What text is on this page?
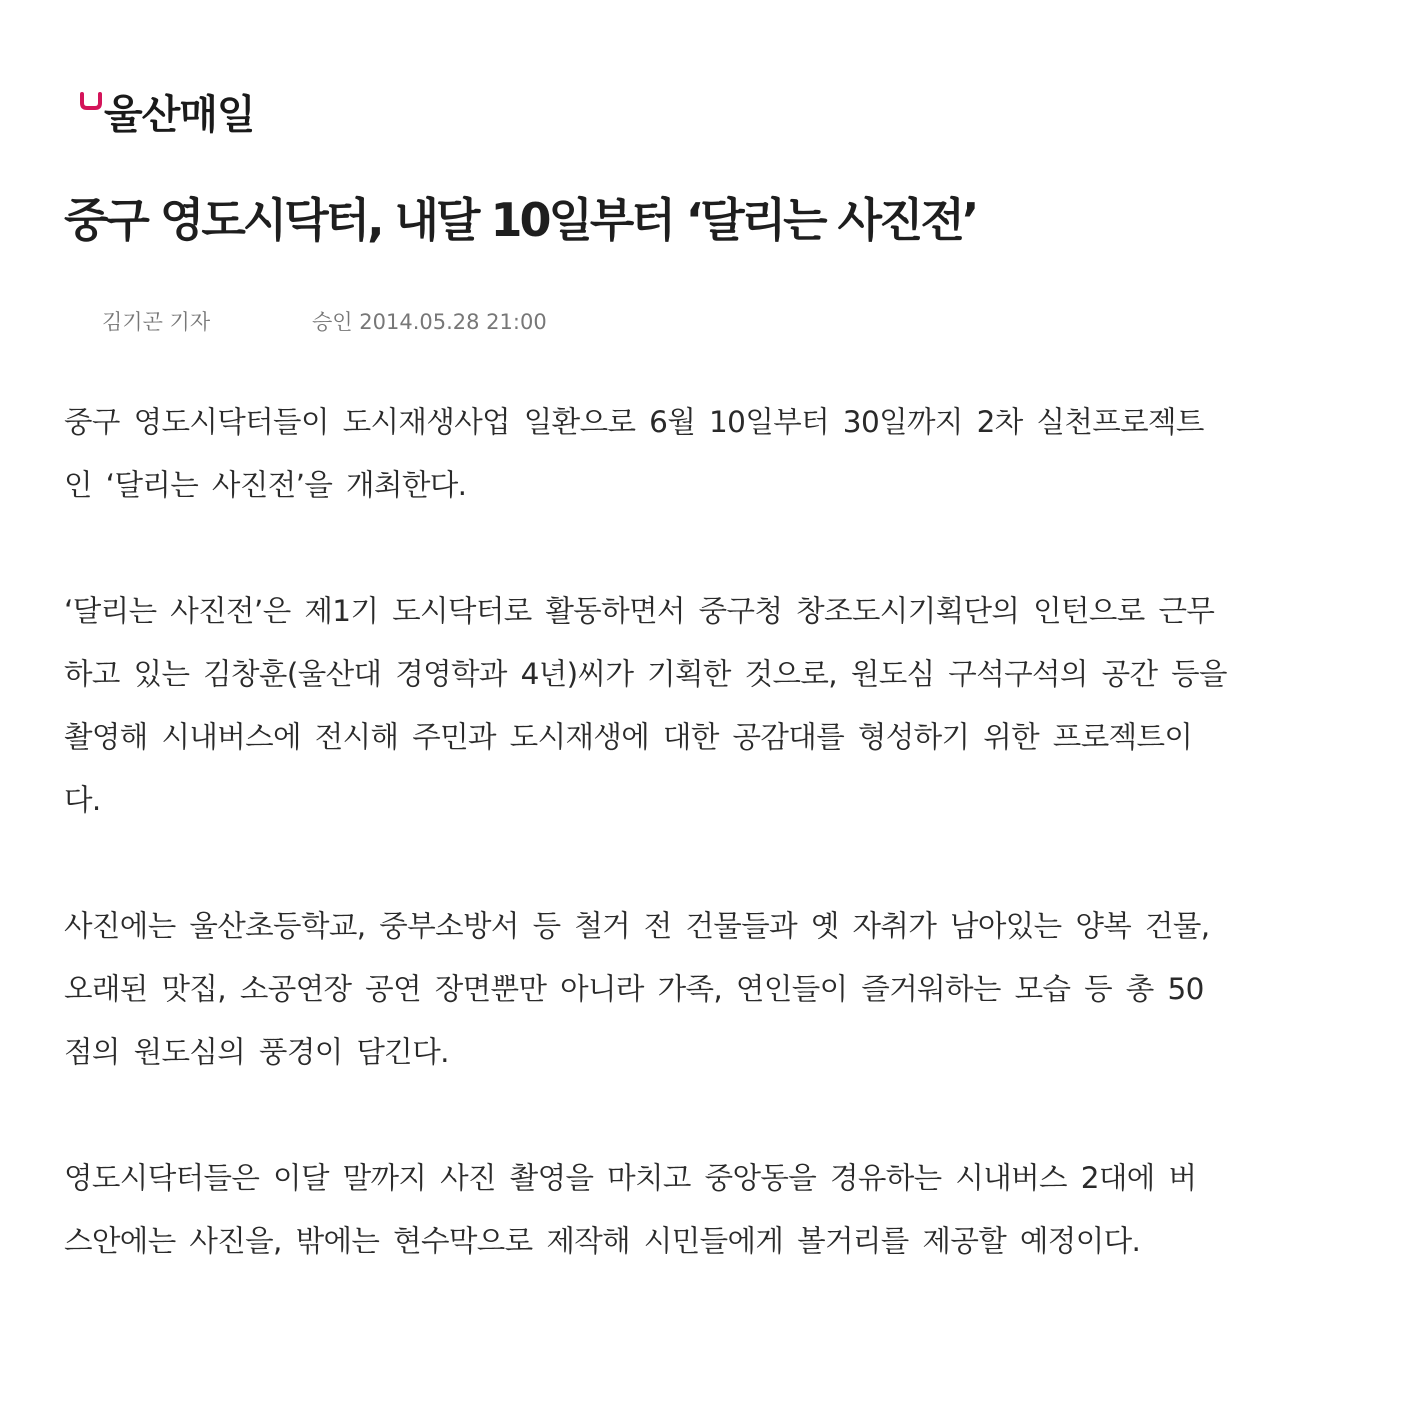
울산매일
중구 영도시닥터, 내달 10일부터 ‘달리는 사진전’
김기곤 기자	승인 2014.05.28 21:00

중구 영도시닥터들이 도시재생사업 일환으로 6월 10일부터 30일까지 2차 실천프로젝트
인 ‘달리는 사진전’을 개최한다.

‘달리는 사진전’은 제1기 도시닥터로 활동하면서 중구청 창조도시기획단의 인턴으로 근무
하고 있는 김창훈(울산대 경영학과 4년)씨가 기획한 것으로, 원도심 구석구석의 공간 등을
촬영해 시내버스에 전시해 주민과 도시재생에 대한 공감대를 형성하기 위한 프로젝트이
다.

사진에는 울산초등학교, 중부소방서 등 철거 전 건물들과 옛 자취가 남아있는 양복 건물,
오래된 맛집, 소공연장 공연 장면뿐만 아니라 가족, 연인들이 즐거워하는 모습 등 총 50
점의 원도심의 풍경이 담긴다.

영도시닥터들은 이달 말까지 사진 촬영을 마치고 중앙동을 경유하는 시내버스 2대에 버
스안에는 사진을, 밖에는 현수막으로 제작해 시민들에게 볼거리를 제공할 예정이다.
